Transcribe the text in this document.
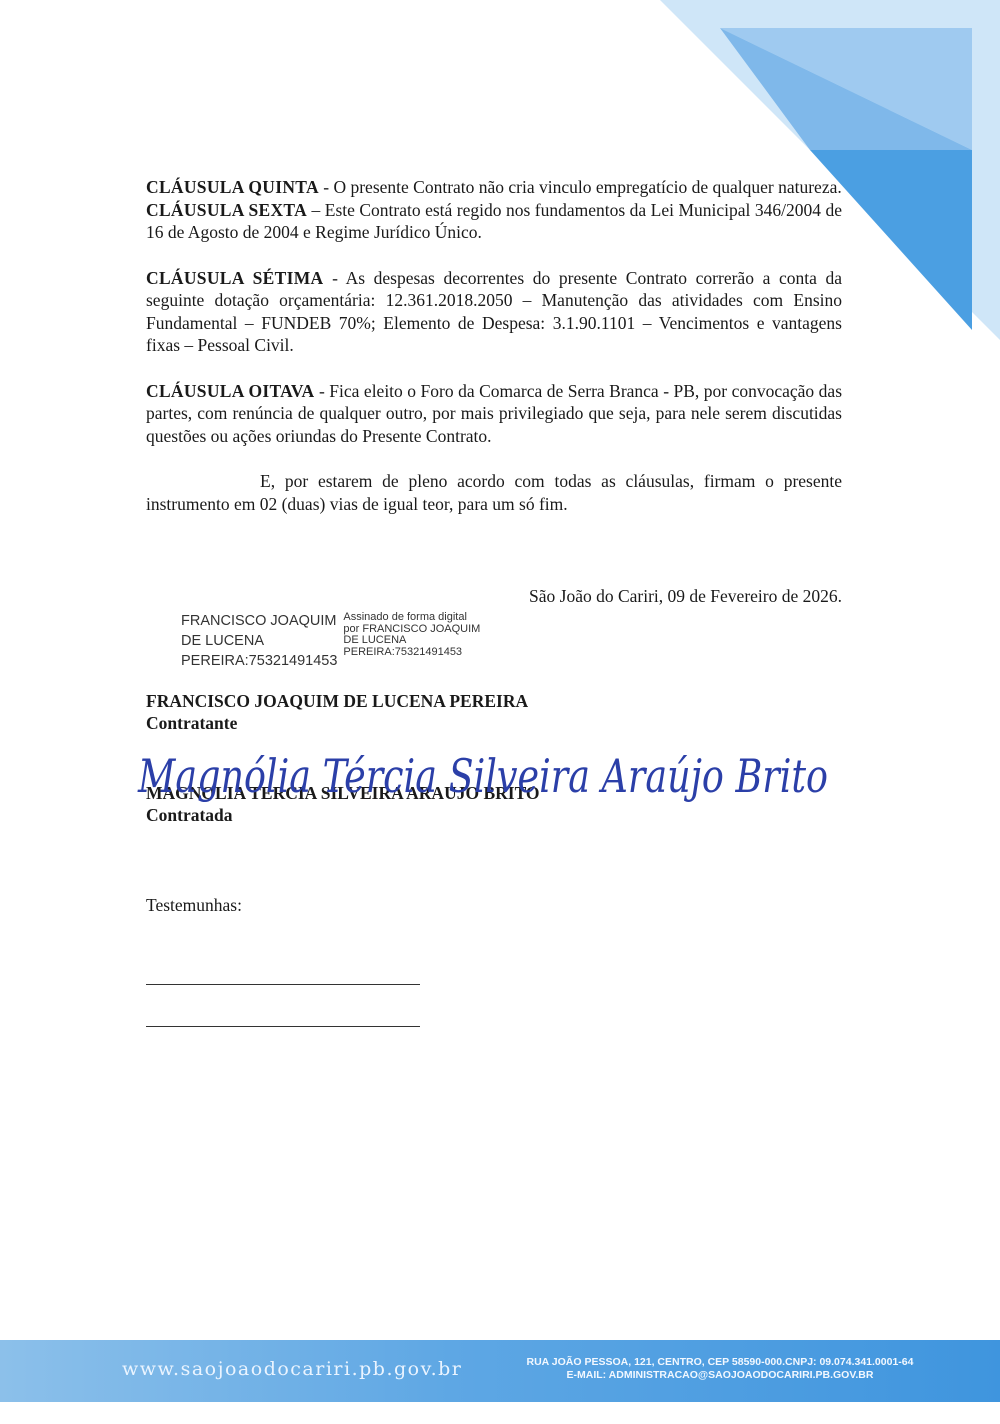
CLÁUSULA QUINTA - O presente Contrato não cria vinculo empregatício de qualquer natureza.

CLÁUSULA SEXTA – Este Contrato está regido nos fundamentos da Lei Municipal 346/2004 de 16 de Agosto de 2004 e Regime Jurídico Único.

CLÁUSULA SÉTIMA - As despesas decorrentes do presente Contrato correrão a conta da seguinte dotação orçamentária: 12.361.2018.2050 – Manutenção das atividades com Ensino Fundamental – FUNDEB 70%; Elemento de Despesa: 3.1.90.1101 – Vencimentos e vantagens fixas – Pessoal Civil.

CLÁUSULA OITAVA - Fica eleito o Foro da Comarca de Serra Branca - PB, por convocação das partes, com renúncia de qualquer outro, por mais privilegiado que seja, para nele serem discutidas questões ou ações oriundas do Presente Contrato.

E, por estarem de pleno acordo com todas as cláusulas, firmam o presente instrumento em 02 (duas) vias de igual teor, para um só fim.

São João do Cariri, 09 de Fevereiro de 2026.
FRANCISCO JOAQUIM
DE LUCENA
PEREIRA:75321491453
Assinado de forma digital
por FRANCISCO JOAQUIM
DE LUCENA
PEREIRA:75321491453
FRANCISCO JOAQUIM DE LUCENA PEREIRA
Contratante
MAGNOLIA TERCIA SILVEIRA ARAUJO BRITO
Contratada
Magnólia Tércia Silveira Araújo Brito
Testemunhas:
www.saojoaodocariri.pb.gov.br	RUA JOÃO PESSOA, 121, CENTRO, CEP 58590-000.CNPJ: 09.074.341.0001-64
E-MAIL: ADMINISTRACAO@SAOJOAODOCARIRI.PB.GOV.BR
